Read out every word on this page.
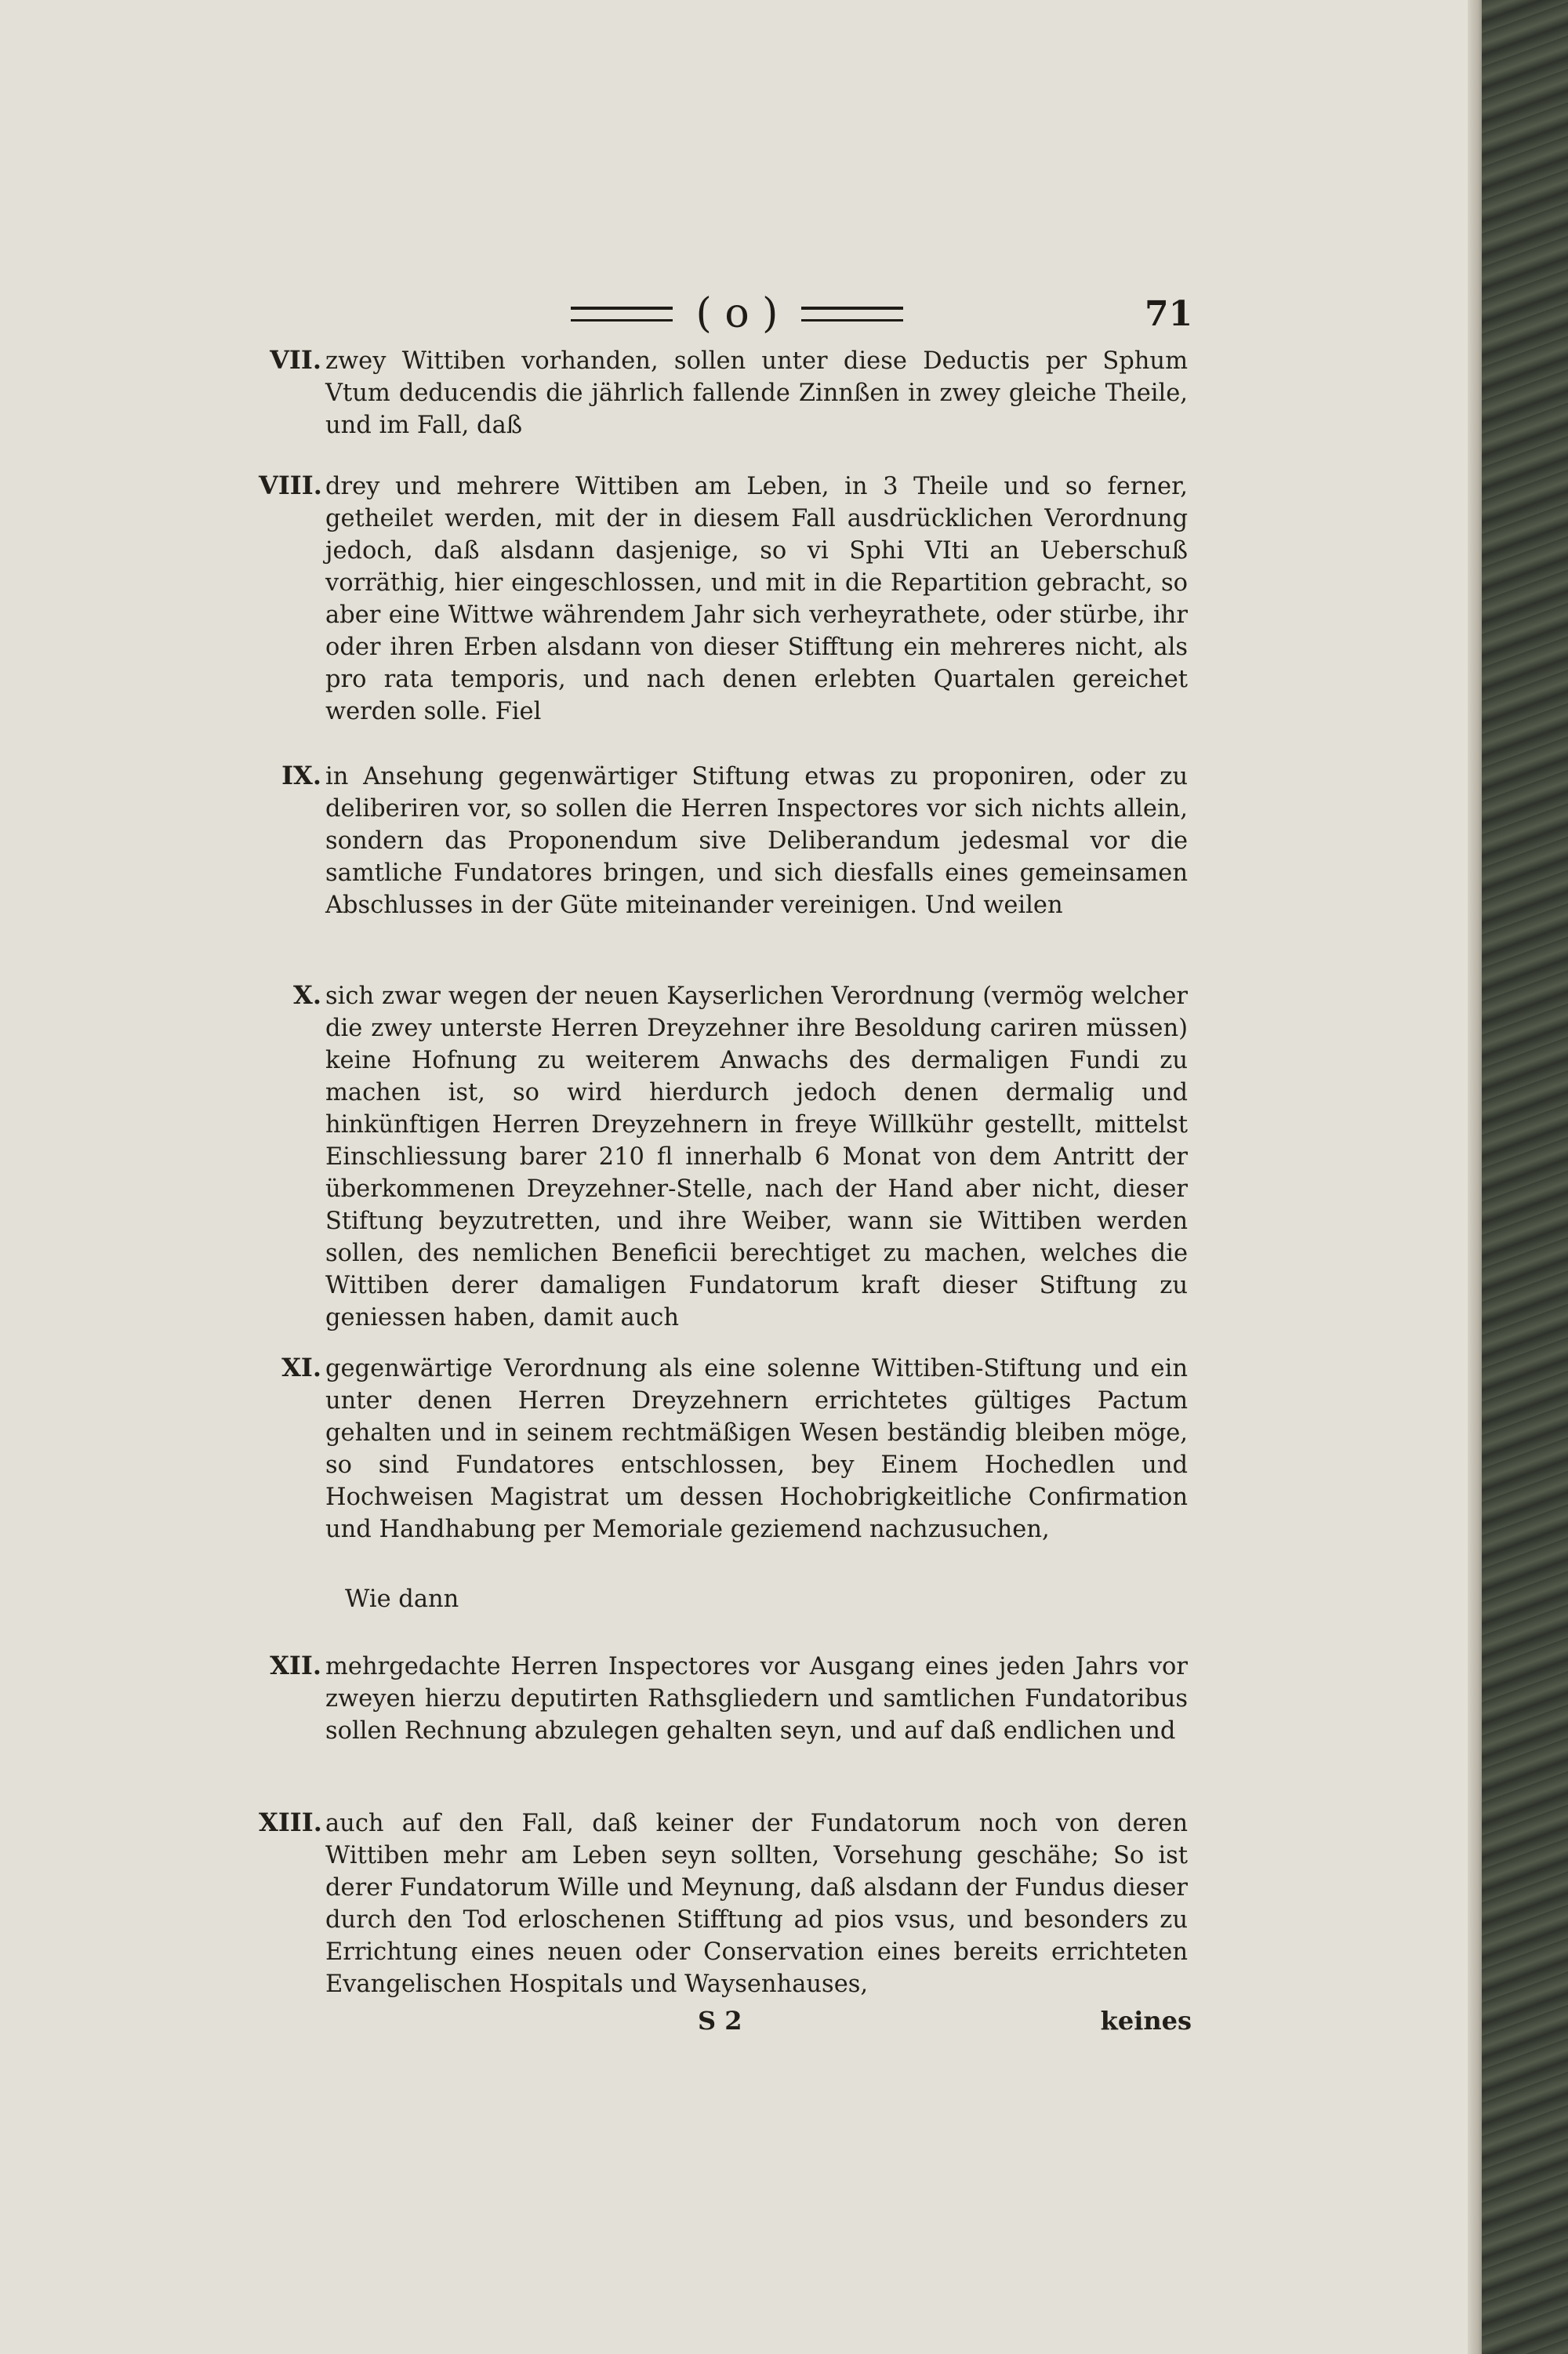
( o )	71
VII. zwey Wittiben vorhanden, sollen unter diese Deductis per Sphum Vtum deducendis die jährlich fallende Zinnßen in zwey gleiche Theile, und im Fall, daß
VIII. drey und mehrere Wittiben am Leben, in 3 Theile und so ferner, getheilet werden, mit der in diesem Fall ausdrücklichen Verordnung jedoch, daß alsdann dasjenige, so vi Sphi VIti an Ueberschuß vorräthig, hier eingeschlossen, und mit in die Repartition gebracht, so aber eine Wittwe währendem Jahr sich verheyrathete, oder stürbe, ihr oder ihren Erben alsdann von dieser Stifftung ein mehreres nicht, als pro rata temporis, und nach denen erlebten Quartalen gereichet werden solle. Fiel
IX. in Ansehung gegenwärtiger Stiftung etwas zu proponiren, oder zu deliberiren vor, so sollen die Herren Inspectores vor sich nichts allein, sondern das Proponendum sive Deliberandum jedesmal vor die samtliche Fundatores bringen, und sich diesfalls eines gemeinsamen Abschlusses in der Güte miteinander vereinigen. Und weilen
X. sich zwar wegen der neuen Kayserlichen Verordnung (vermög welcher die zwey unterste Herren Dreyzehner ihre Besoldung cariren müssen) keine Hofnung zu weiterem Anwachs des dermaligen Fundi zu machen ist, so wird hierdurch jedoch denen dermalig und hinkünftigen Herren Dreyzehnern in freye Willkühr gestellt, mittelst Einschliessung barer 210 fl innerhalb 6 Monat von dem Antritt der überkommenen Dreyzehner-Stelle, nach der Hand aber nicht, dieser Stiftung beyzutretten, und ihre Weiber, wann sie Wittiben werden sollen, des nemlichen Beneficii berechtiget zu machen, welches die Wittiben derer damaligen Fundatorum kraft dieser Stiftung zu geniessen haben, damit auch
XI. gegenwärtige Verordnung als eine solenne Wittiben-Stiftung und ein unter denen Herren Dreyzehnern errichtetes gültiges Pactum gehalten und in seinem rechtmäßigen Wesen beständig bleiben möge, so sind Fundatores entschlossen, bey Einem Hochedlen und Hochweisen Magistrat um dessen Hochobrigkeitliche Confirmation und Handhabung per Memoriale geziemend nachzusuchen,
Wie dann
XII. mehrgedachte Herren Inspectores vor Ausgang eines jeden Jahrs vor zweyen hierzu deputirten Rathsgliedern und samtlichen Fundatoribus sollen Rechnung abzulegen gehalten seyn, und auf daß endlichen und
XIII. auch auf den Fall, daß keiner der Fundatorum noch von deren Wittiben mehr am Leben seyn sollten, Vorsehung geschähe; So ist derer Fundatorum Wille und Meynung, daß alsdann der Fundus dieser durch den Tod erloschenen Stifftung ad pios vsus, und besonders zu Errichtung eines neuen oder Conservation eines bereits errichteten Evangelischen Hospitals und Waysenhauses,
S 2	keines
